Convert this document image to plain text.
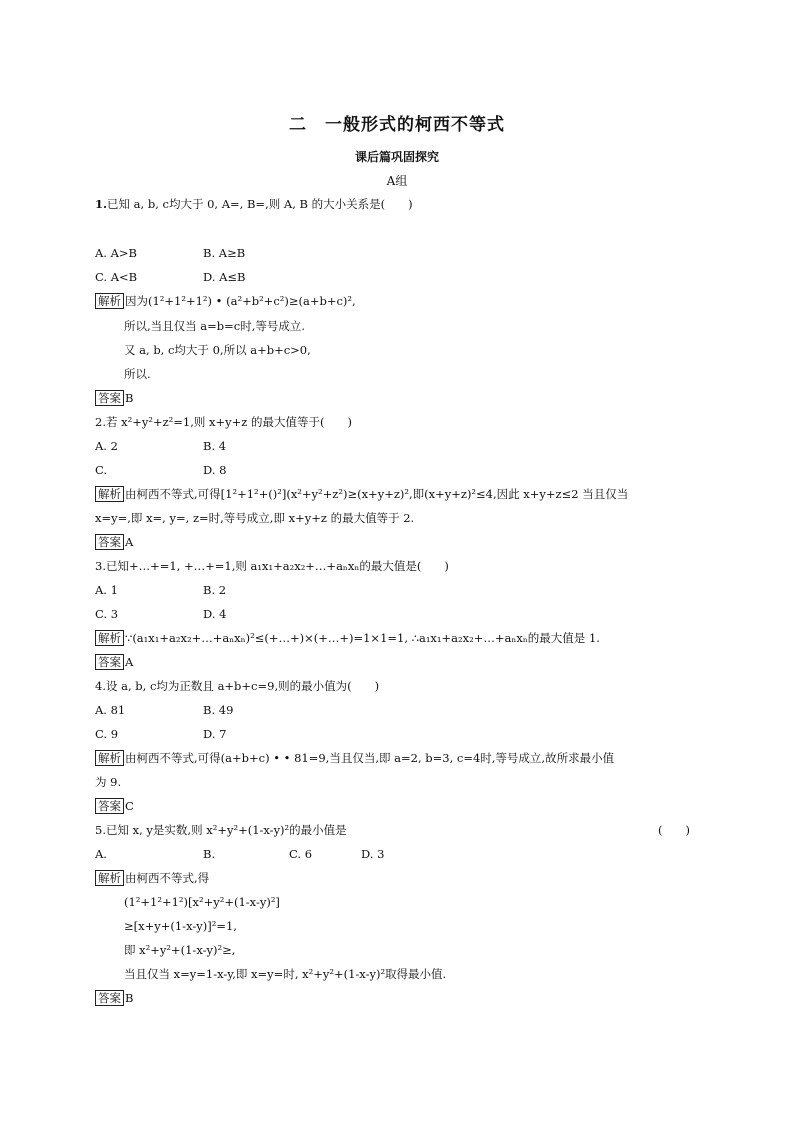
二　一般形式的柯西不等式
课后篇巩固探究
A组
1.已知 a, b, c均大于 0, A=, B=,则 A, B 的大小关系是(　　)
A. A>B	B. A≥B
C. A<B	D. A≤B
解析 因为(1²+1²+1²) • (a²+b²+c²)≥(a+b+c)²,
所以,当且仅当 a=b=c时,等号成立.
又 a, b, c均大于 0,所以 a+b+c>0,
所以.
答案 B
2.若 x²+y²+z²=1,则 x+y+z 的最大值等于(　　)
A. 2	B. 4
C.	D. 8
解析 由柯西不等式,可得[1²+1²+()²](x²+y²+z²)≥(x+y+z)²,即(x+y+z)²≤4,因此 x+y+z≤2 当且仅当
x=y=,即 x=, y=, z=时,等号成立,即 x+y+z 的最大值等于 2.
答案 A
3.已知+…+=1, +…+=1,则 a₁x₁+a₂x₂+…+aₙxₙ的最大值是(　　)
A. 1	B. 2
C. 3	D. 4
解析 ∵(a₁x₁+a₂x₂+…+aₙxₙ)²≤(+…+)×(+…+)=1×1=1, ∴a₁x₁+a₂x₂+…+aₙxₙ的最大值是 1.
答案 A
4.设 a, b, c均为正数且 a+b+c=9,则的最小值为(　　)
A. 81	B. 49
C. 9	D. 7
解析 由柯西不等式,可得(a+b+c) • • 81=9,当且仅当,即 a=2, b=3, c=4时,等号成立,故所求最小值
为 9.
答案 C
5.已知 x, y是实数,则 x²+y²+(1-x-y)²的最小值是	(　　)
A.	B.	C. 6	D. 3
解析 由柯西不等式,得
(1²+1²+1²)[x²+y²+(1-x-y)²]
≥[x+y+(1-x-y)]²=1,
即 x²+y²+(1-x-y)²≥,
当且仅当 x=y=1-x-y,即 x=y=时, x²+y²+(1-x-y)²取得最小值.
答案 B
